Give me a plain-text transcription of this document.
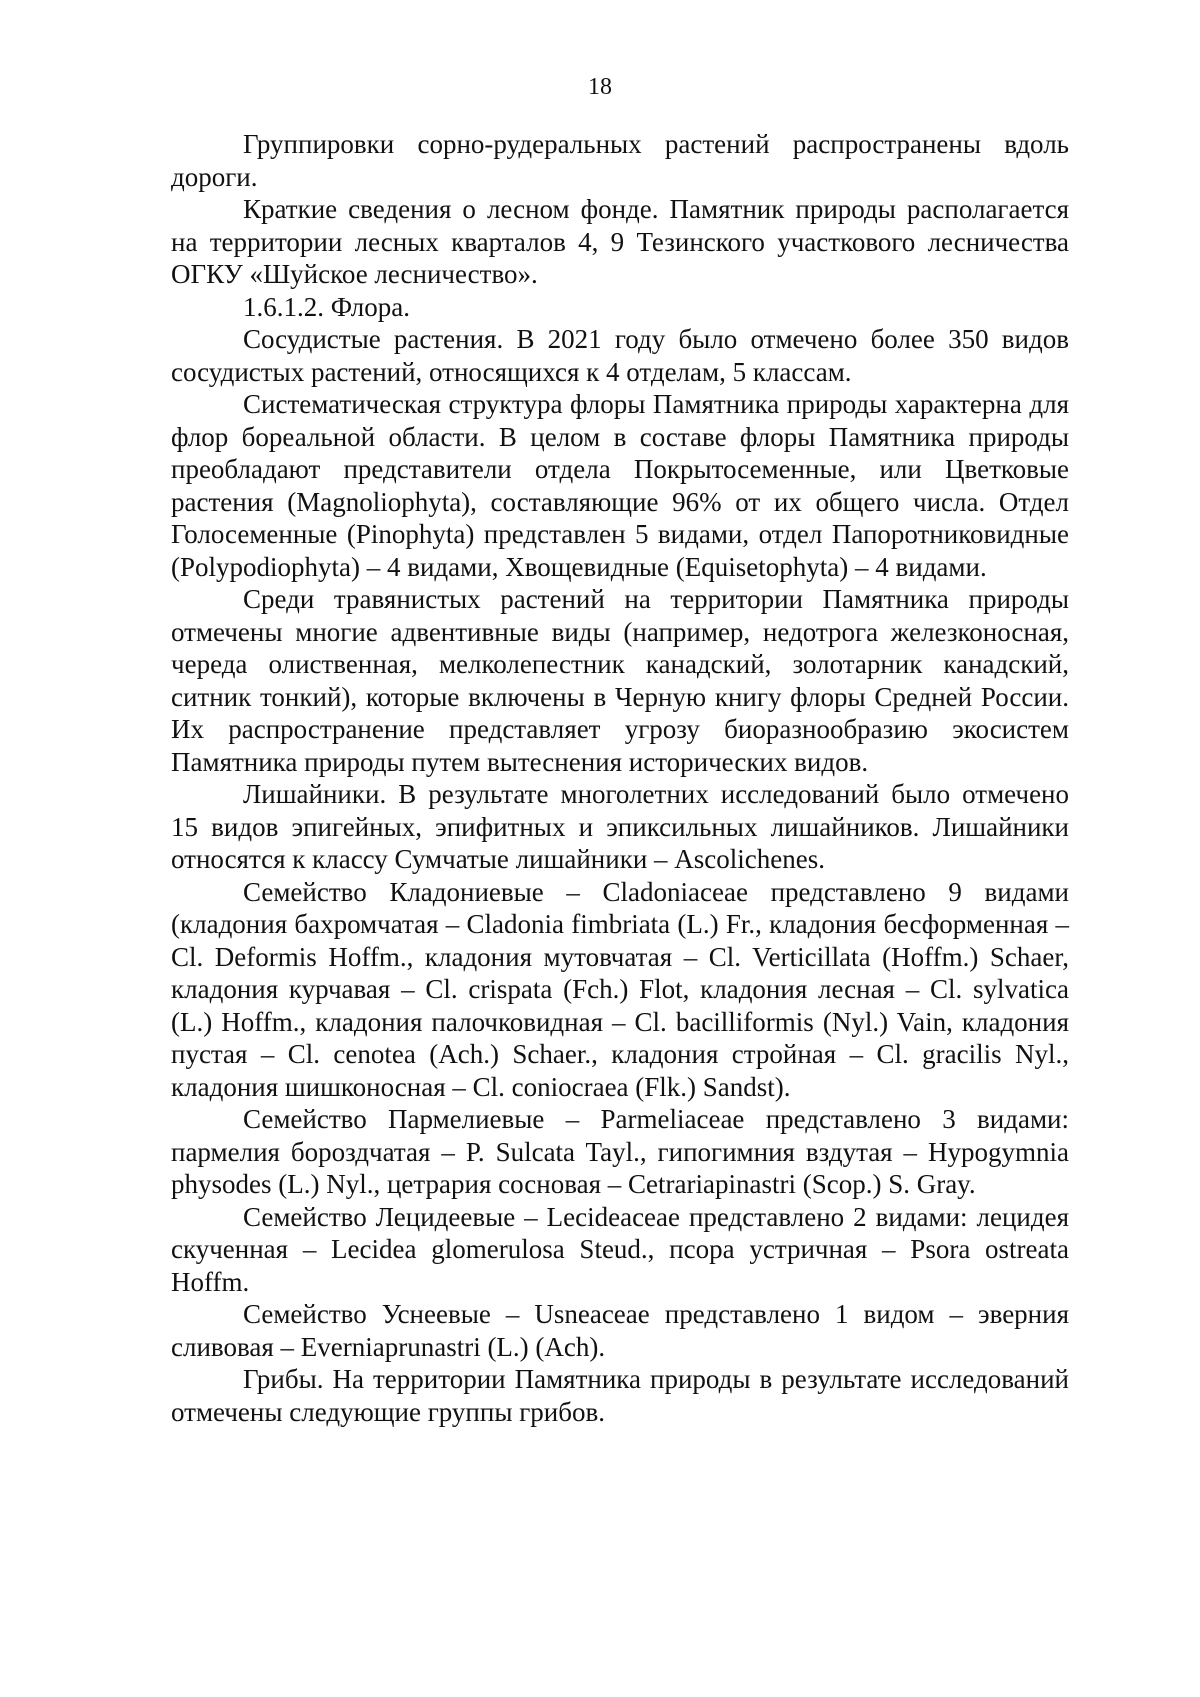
18

Группировки сорно-рудеральных растений распространены вдоль дороги.

Краткие сведения о лесном фонде. Памятник природы располагается на территории лесных кварталов 4, 9 Тезинского участкового лесничества ОГКУ «Шуйское лесничество».

1.6.1.2. Флора.

Сосудистые растения. В 2021 году было отмечено более 350 видов сосудистых растений, относящихся к 4 отделам, 5 классам.

Систематическая структура флоры Памятника природы характерна для флор бореальной области. В целом в составе флоры Памятника природы преобладают представители отдела Покрытосеменные, или Цветковые растения (Magnoliophyta), составляющие 96% от их общего числа. Отдел Голосеменные (Pinophyta) представлен 5 видами, отдел Папоротниковидные (Polypodiophyta) – 4 видами, Хвощевидные (Equisetophyta) – 4 видами.

Среди травянистых растений на территории Памятника природы отмечены многие адвентивные виды (например, недотрога железконосная, череда олиственная, мелколепестник канадский, золотарник канадский, ситник тонкий), которые включены в Черную книгу флоры Средней России. Их распространение представляет угрозу биоразнообразию экосистем Памятника природы путем вытеснения исторических видов.

Лишайники. В результате многолетних исследований было отмечено 15 видов эпигейных, эпифитных и эпиксильных лишайников. Лишайники относятся к классу Сумчатые лишайники – Ascolichenes.

Семейство Кладониевые – Cladoniaceae представлено 9 видами (кладония бахромчатая – Cladonia fimbriata (L.) Fr., кладония бесформенная – Cl. Deformis Hoffm., кладония мутовчатая – Cl. Verticillata (Hoffm.) Schaer, кладония курчавая – Cl. crispata (Fch.) Flot, кладония лесная – Cl. sylvatica (L.) Hoffm., кладония палочковидная – Cl. bacilliformis (Nyl.) Vain, кладония пустая – Cl. cenotea (Ach.) Schaer., кладония стройная – Cl. gracilis Nyl., кладония шишконосная – Cl. coniocraea (Flk.) Sandst).

Семейство Пармелиевые – Parmeliaceae представлено 3 видами: пармелия бороздчатая – P. Sulcata Tayl., гипогимния вздутая – Hypogymnia physodes (L.) Nyl., цетрария сосновая – Cetrariapinastri (Scop.) S. Gray.

Семейство Лецидеевые – Lecideaceae представлено 2 видами: лецидея скученная – Lecidea glomerulosa Steud., псора устричная – Psora ostreata Hoffm.

Семейство Уснеевые – Usneaceae представлено 1 видом – эверния сливовая – Everniaprunastri (L.) (Ach).

Грибы. На территории Памятника природы в результате исследований отмечены следующие группы грибов.
